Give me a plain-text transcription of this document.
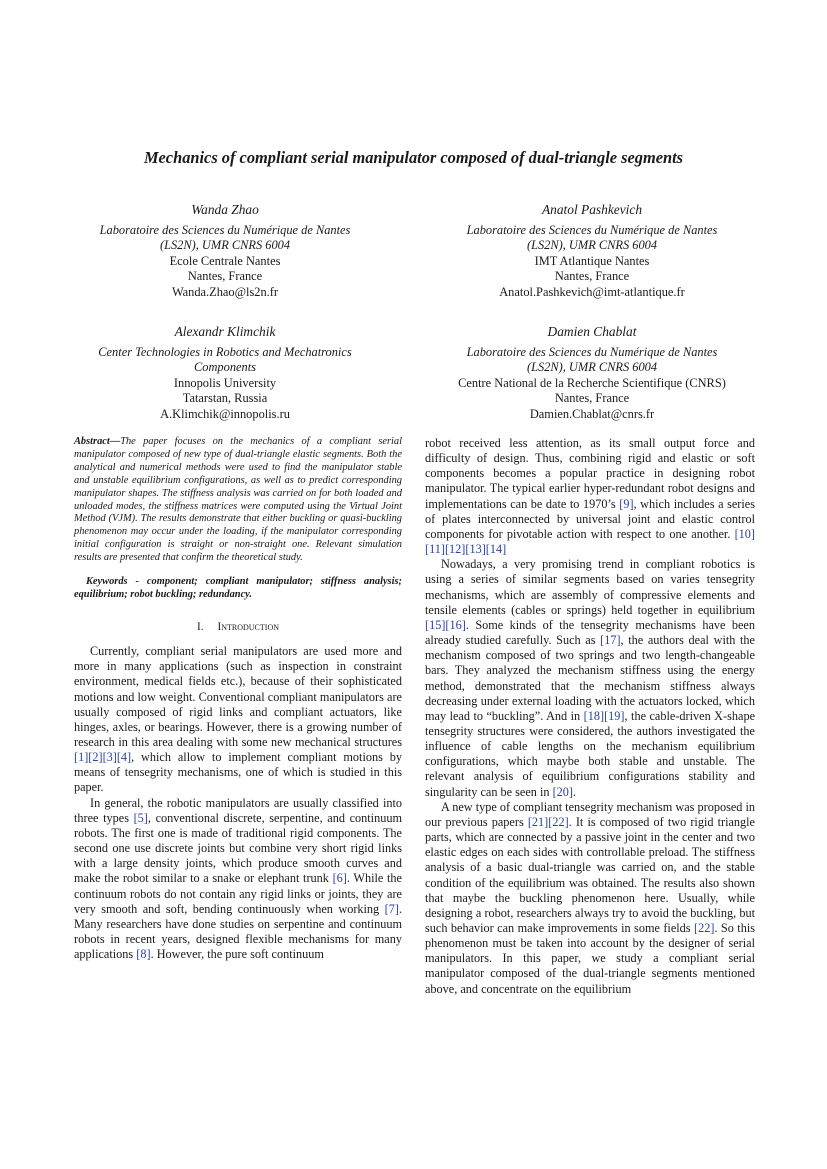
Mechanics of compliant serial manipulator composed of dual-triangle segments
Wanda Zhao
Laboratoire des Sciences du Numérique de Nantes
(LS2N), UMR CNRS 6004
Ecole Centrale Nantes
Nantes, France
Wanda.Zhao@ls2n.fr
Anatol Pashkevich
Laboratoire des Sciences du Numérique de Nantes
(LS2N), UMR CNRS 6004
IMT Atlantique Nantes
Nantes, France
Anatol.Pashkevich@imt-atlantique.fr
Alexandr Klimchik
Center Technologies in Robotics and Mechatronics
Components
Innopolis University
Tatarstan, Russia
A.Klimchik@innopolis.ru
Damien Chablat
Laboratoire des Sciences du Numérique de Nantes
(LS2N), UMR CNRS 6004
Centre National de la Recherche Scientifique (CNRS)
Nantes, France
Damien.Chablat@cnrs.fr

Abstract—The paper focuses on the mechanics of a compliant serial manipulator composed of new type of dual-triangle elastic segments. Both the analytical and numerical methods were used to find the manipulator stable and unstable equilibrium configurations, as well as to predict corresponding manipulator shapes. The stiffness analysis was carried on for both loaded and unloaded modes, the stiffness matrices were computed using the Virtual Joint Method (VJM). The results demonstrate that either buckling or quasi-buckling phenomenon may occur under the loading, if the manipulator corresponding initial configuration is straight or non-straight one. Relevant simulation results are presented that confirm the theoretical study.

Keywords - component; compliant manipulator; stiffness analysis; equilibrium; robot buckling; redundancy.

I. Introduction

Currently, compliant serial manipulators are used more and more in many applications (such as inspection in constraint environment, medical fields etc.), because of their sophisticated motions and low weight. Conventional compliant manipulators are usually composed of rigid links and compliant actuators, like hinges, axles, or bearings. However, there is a growing number of research in this area dealing with some new mechanical structures [1][2][3][4], which allow to implement compliant motions by means of tensegrity mechanisms, one of which is studied in this paper.

In general, the robotic manipulators are usually classified into three types [5], conventional discrete, serpentine, and continuum robots. The first one is made of traditional rigid components. The second one use discrete joints but combine very short rigid links with a large density joints, which produce smooth curves and make the robot similar to a snake or elephant trunk [6]. While the continuum robots do not contain any rigid links or joints, they are very smooth and soft, bending continuously when working [7]. Many researchers have done studies on serpentine and continuum robots in recent years, designed flexible mechanisms for many applications [8]. However, the pure soft continuum

robot received less attention, as its small output force and difficulty of design. Thus, combining rigid and elastic or soft components becomes a popular practice in designing robot manipulator. The typical earlier hyper-redundant robot designs and implementations can be date to 1970’s [9], which includes a series of plates interconnected by universal joint and elastic control components for pivotable action with respect to one another. [10][11][12][13][14]

Nowadays, a very promising trend in compliant robotics is using a series of similar segments based on varies tensegrity mechanisms, which are assembly of compressive elements and tensile elements (cables or springs) held together in equilibrium [15][16]. Some kinds of the tensegrity mechanisms have been already studied carefully. Such as [17], the authors deal with the mechanism composed of two springs and two length-changeable bars. They analyzed the mechanism stiffness using the energy method, demonstrated that the mechanism stiffness always decreasing under external loading with the actuators locked, which may lead to “buckling”. And in [18][19], the cable-driven X-shape tensegrity structures were considered, the authors investigated the influence of cable lengths on the mechanism equilibrium configurations, which maybe both stable and unstable. The relevant analysis of equilibrium configurations stability and singularity can be seen in [20].

A new type of compliant tensegrity mechanism was proposed in our previous papers [21][22]. It is composed of two rigid triangle parts, which are connected by a passive joint in the center and two elastic edges on each sides with controllable preload. The stiffness analysis of a basic dual-triangle was carried on, and the stable condition of the equilibrium was obtained. The results also shown that maybe the buckling phenomenon here. Usually, while designing a robot, researchers always try to avoid the buckling, but such behavior can make improvements in some fields [22]. So this phenomenon must be taken into account by the designer of serial manipulators. In this paper, we study a compliant serial manipulator composed of the dual-triangle segments mentioned above, and concentrate on the equilibrium
